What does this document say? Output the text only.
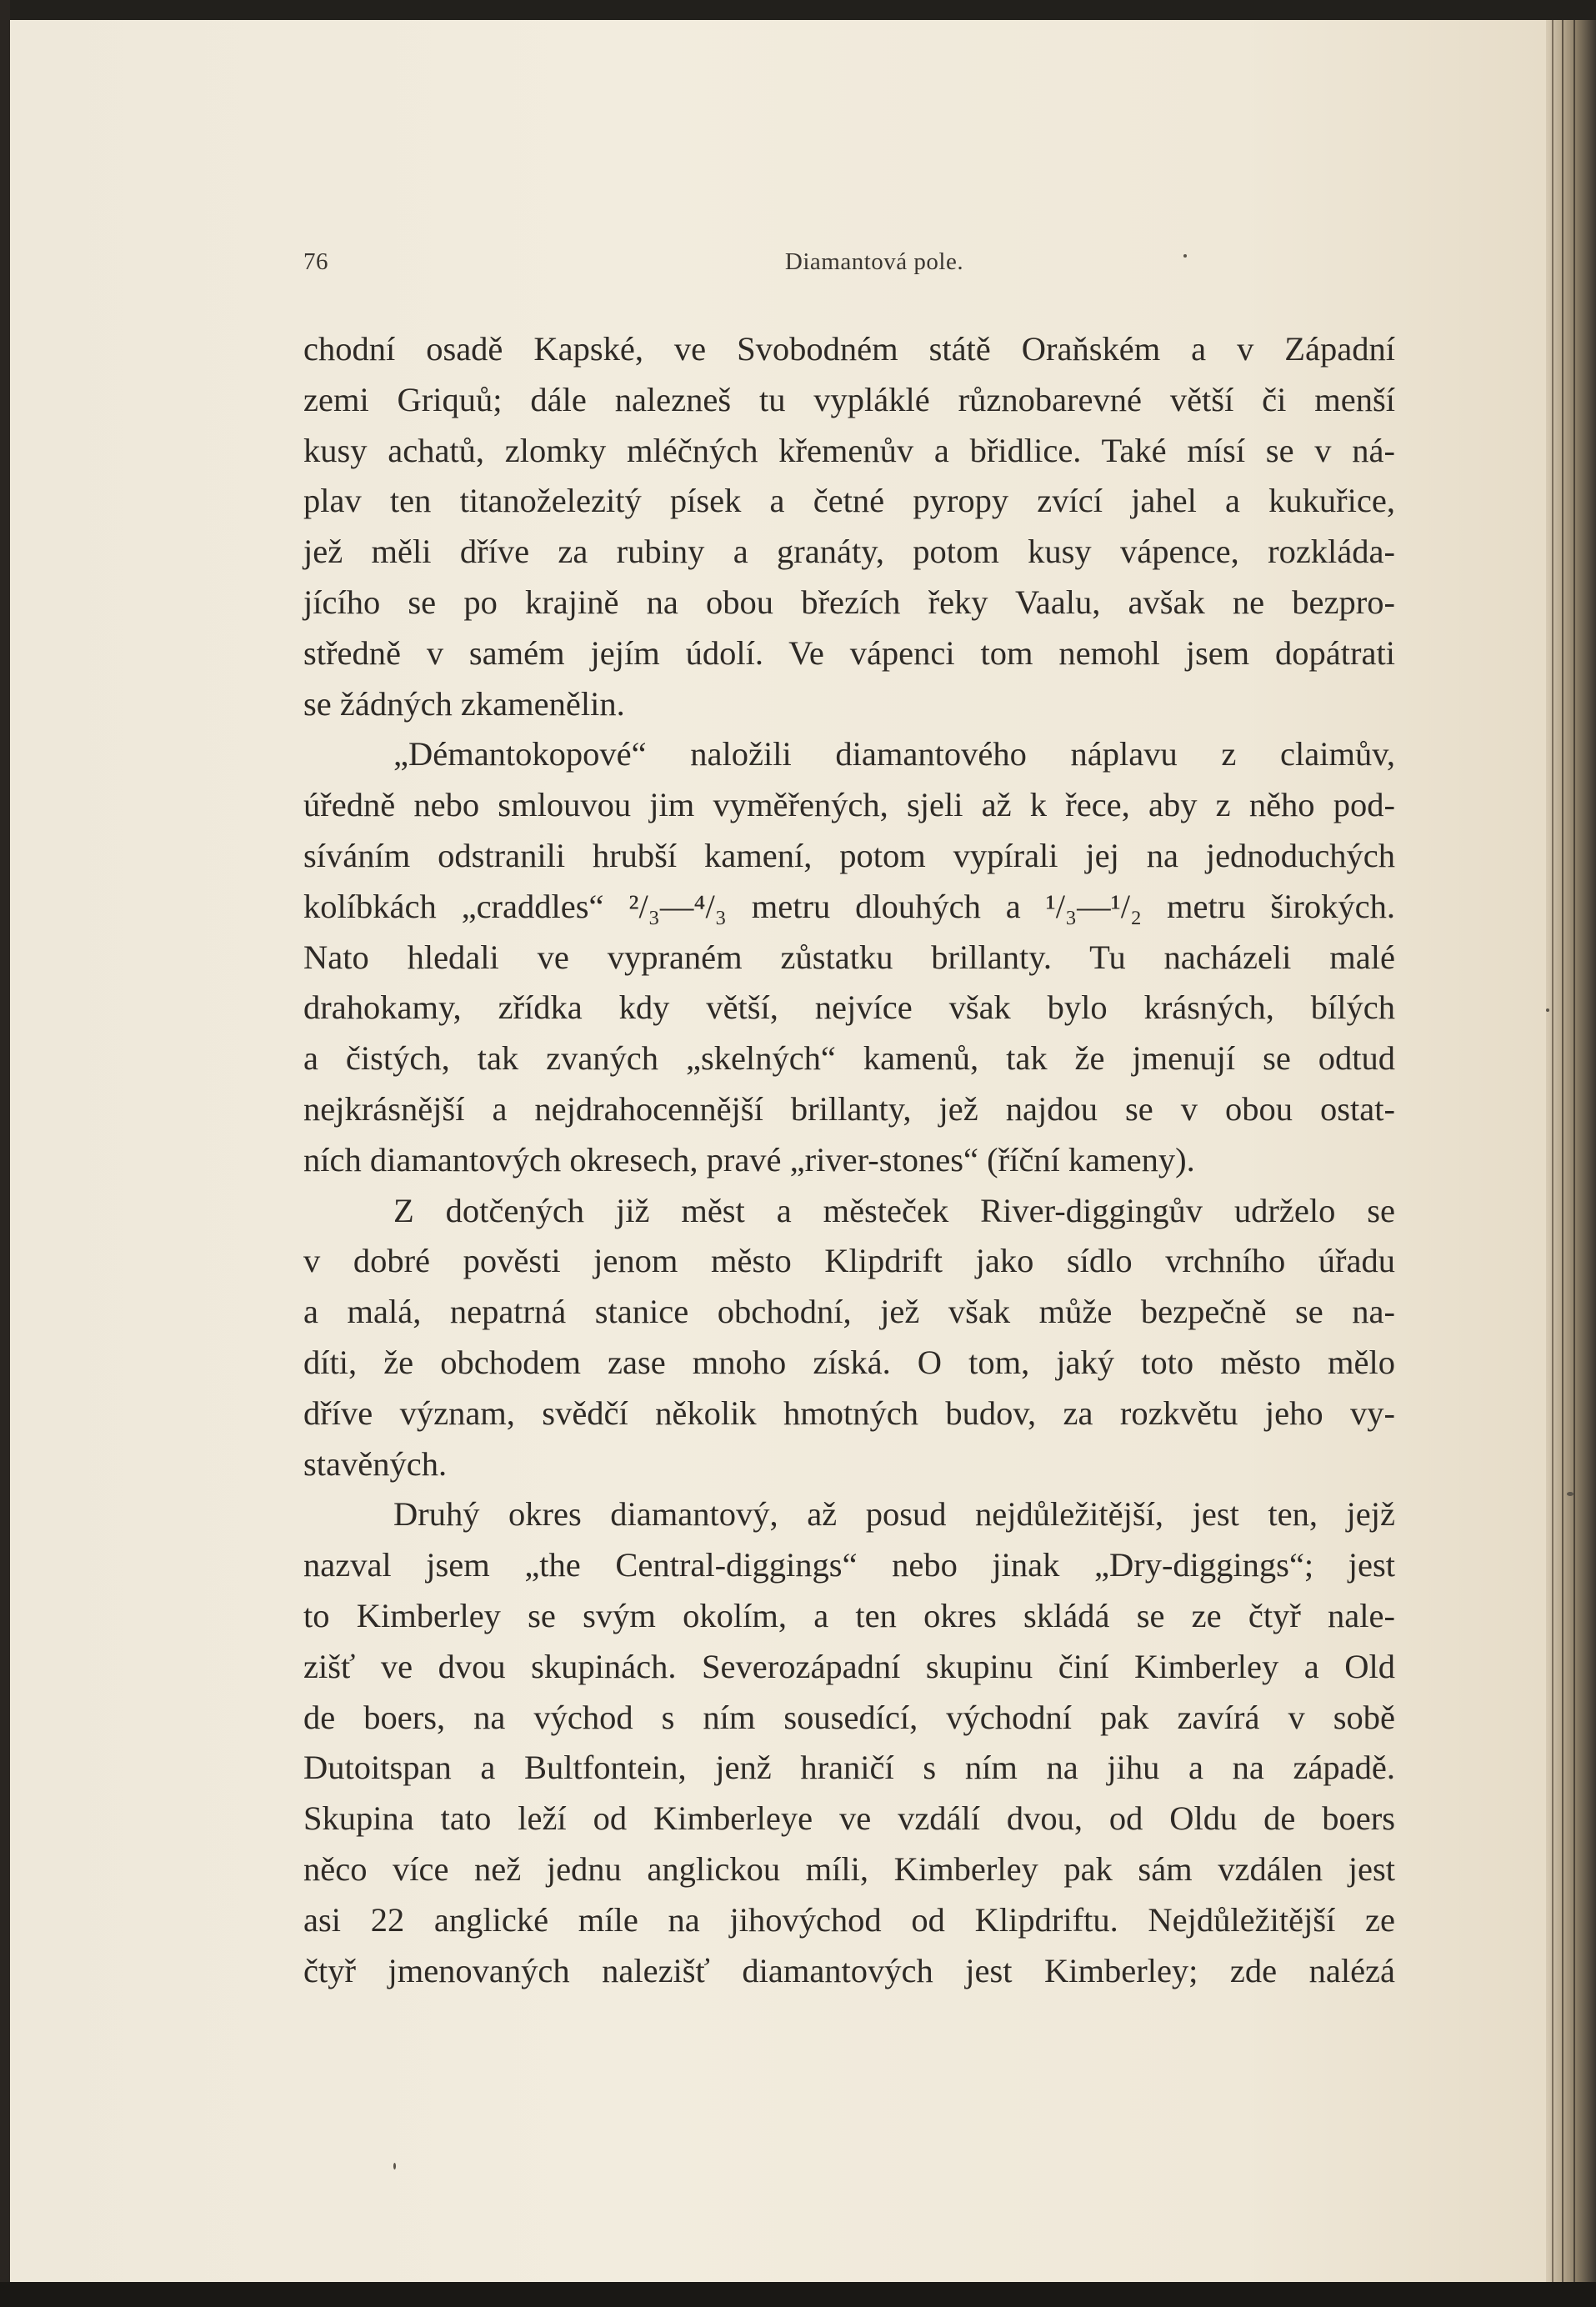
76	Diamantová pole.
chodní osadě Kapské, ve Svobodném státě Oraňském a v Západní
zemi Griquů; dále nalezneš tu vypláklé různobarevné větší či menší
kusy achatů, zlomky mléčných křemenův a břidlice. Také mísí se v ná-
plav ten titanoželezitý písek a četné pyropy zvící jahel a kukuřice,
jež měli dříve za rubiny a granáty, potom kusy vápence, rozkláda-
jícího se po krajině na obou březích řeky Vaalu, avšak ne bezpro-
středně v samém jejím údolí. Ve vápenci tom nemohl jsem dopátrati
se žádných zkamenělin.
„Démantokopové“ naložili diamantového náplavu z claimův,
úředně nebo smlouvou jim vyměřených, sjeli až k řece, aby z něho pod-
síváním odstranili hrubší kamení, potom vypírali jej na jednoduchých
kolíbkách „craddles“ ²/₃—⁴/₃ metru dlouhých a ¹/₃—¹/₂ metru širokých.
Nato hledali ve vypraném zůstatku brillanty. Tu nacházeli malé
drahokamy, zřídka kdy větší, nejvíce však bylo krásných, bílých
a čistých, tak zvaných „skelných“ kamenů, tak že jmenují se odtud
nejkrásnější a nejdrahocennější brillanty, jež najdou se v obou ostat-
ních diamantových okresech, pravé „river-stones“ (říční kameny).
Z dotčených již měst a městeček River-diggingův udrželo se
v dobré pověsti jenom město Klipdrift jako sídlo vrchního úřadu
a malá, nepatrná stanice obchodní, jež však může bezpečně se na-
díti, že obchodem zase mnoho získá. O tom, jaký toto město mělo
dříve význam, svědčí několik hmotných budov, za rozkvětu jeho vy-
stavěných.
Druhý okres diamantový, až posud nejdůležitější, jest ten, jejž
nazval jsem „the Central-diggings“ nebo jinak „Dry-diggings“; jest
to Kimberley se svým okolím, a ten okres skládá se ze čtyř nale-
zišť ve dvou skupinách. Severozápadní skupinu činí Kimberley a Old
de boers, na východ s ním sousedící, východní pak zavírá v sobě
Dutoitspan a Bultfontein, jenž hraničí s ním na jihu a na západě.
Skupina tato leží od Kimberleye ve vzdálí dvou, od Oldu de boers
něco více než jednu anglickou míli, Kimberley pak sám vzdálen jest
asi 22 anglické míle na jihovýchod od Klipdriftu. Nejdůležitější ze
čtyř jmenovaných nalezišť diamantových jest Kimberley; zde nalézá
